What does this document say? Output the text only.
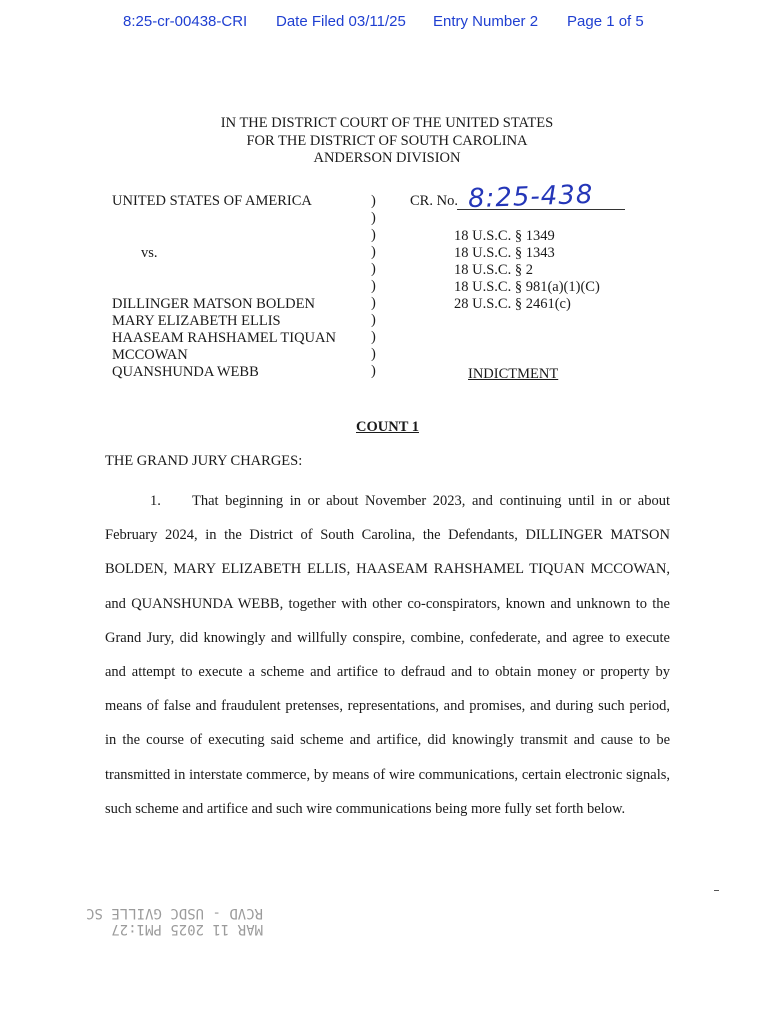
8:25-cr-00438-CRI Date Filed 03/11/25 Entry Number 2 Page 1 of 5
IN THE DISTRICT COURT OF THE UNITED STATES
FOR THE DISTRICT OF SOUTH CAROLINA
ANDERSON DIVISION
UNITED STATES OF AMERICA
vs.
DILLINGER MATSON BOLDEN
MARY ELIZABETH ELLIS
HAASEAM RAHSHAMEL TIQUAN
MCCOWAN
QUANSHUNDA WEBB
)
)
)
)
)
)
)
)
)
)
)
CR. No. 8:25-438
18 U.S.C. § 1349
18 U.S.C. § 1343
18 U.S.C. § 2
18 U.S.C. § 981(a)(1)(C)
28 U.S.C. § 2461(c)
INDICTMENT
COUNT 1
THE GRAND JURY CHARGES:
1. That beginning in or about November 2023, and continuing until in or about February 2024, in the District of South Carolina, the Defendants, DILLINGER MATSON BOLDEN, MARY ELIZABETH ELLIS, HAASEAM RAHSHAMEL TIQUAN MCCOWAN, and QUANSHUNDA WEBB, together with other co-conspirators, known and unknown to the Grand Jury, did knowingly and willfully conspire, combine, confederate, and agree to execute and attempt to execute a scheme and artifice to defraud and to obtain money or property by means of false and fraudulent pretenses, representations, and promises, and during such period, in the course of executing said scheme and artifice, did knowingly transmit and cause to be transmitted in interstate commerce, by means of wire communications, certain electronic signals, such scheme and artifice and such wire communications being more fully set forth below.
MAR 11 2025 PM1:27
RCVD - USDC GVILLE SC
